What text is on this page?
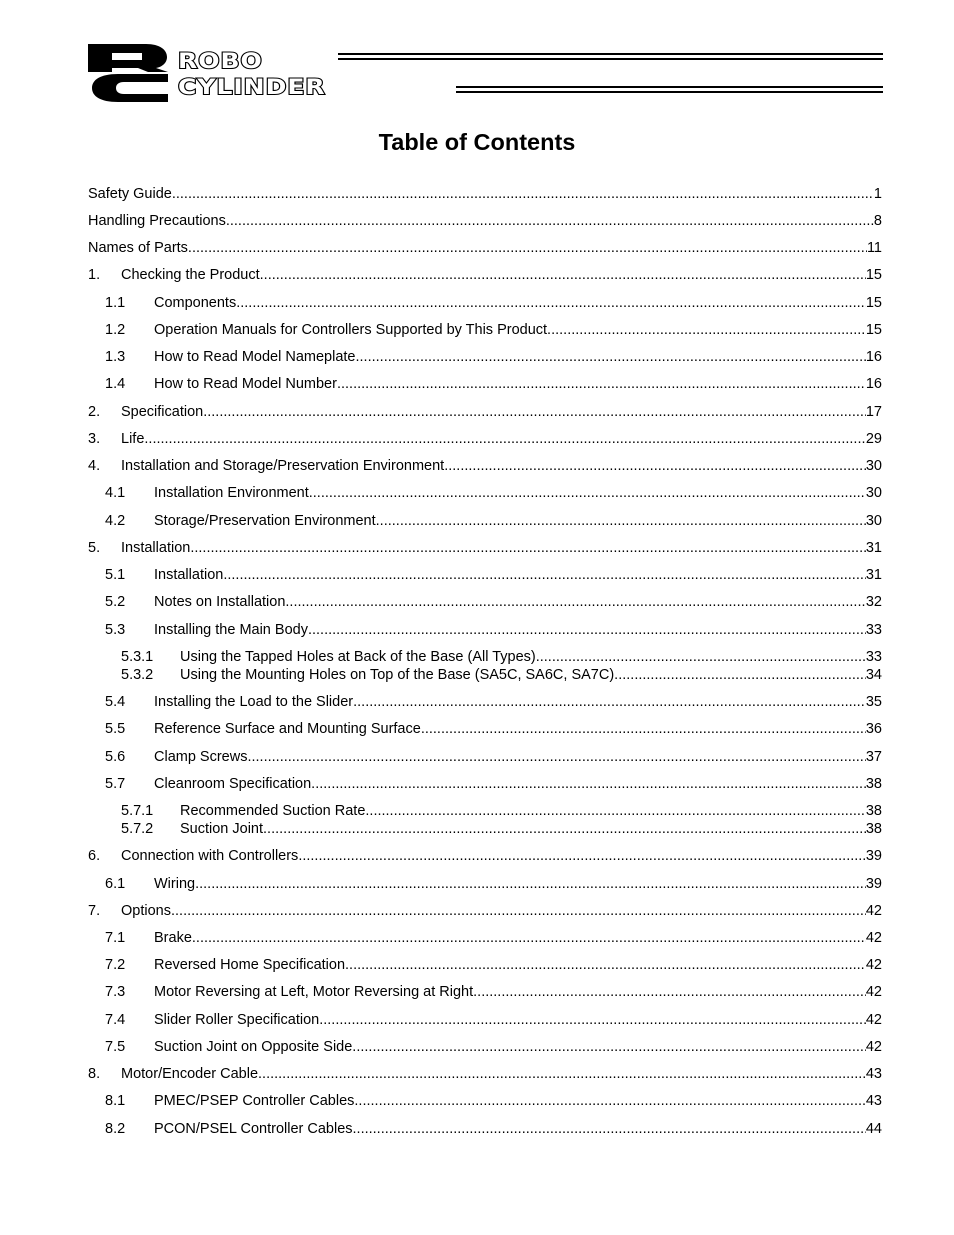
ROBO
CYLINDER
Table of Contents
Safety Guide .....	1
Handling Precautions .....	8
Names of Parts .....	11
1. Checking the Product .....	15
1.1 Components .....	15
1.2 Operation Manuals for Controllers Supported by This Product .....	15
1.3 How to Read Model Nameplate .....	16
1.4 How to Read Model Number .....	16
2. Specification .....	17
3. Life .....	29
4. Installation and Storage/Preservation Environment .....	30
4.1 Installation Environment .....	30
4.2 Storage/Preservation Environment .....	30
5. Installation .....	31
5.1 Installation .....	31
5.2 Notes on Installation .....	32
5.3 Installing the Main Body .....	33
5.3.1 Using the Tapped Holes at Back of the Base (All Types) .....	33
5.3.2 Using the Mounting Holes on Top of the Base (SA5C, SA6C, SA7C) .....	34
5.4 Installing the Load to the Slider .....	35
5.5 Reference Surface and Mounting Surface .....	36
5.6 Clamp Screws .....	37
5.7 Cleanroom Specification .....	38
5.7.1 Recommended Suction Rate .....	38
5.7.2 Suction Joint .....	38
6. Connection with Controllers .....	39
6.1 Wiring .....	39
7. Options .....	42
7.1 Brake .....	42
7.2 Reversed Home Specification .....	42
7.3 Motor Reversing at Left, Motor Reversing at Right .....	42
7.4 Slider Roller Specification .....	42
7.5 Suction Joint on Opposite Side .....	42
8. Motor/Encoder Cable .....	43
8.1 PMEC/PSEP Controller Cables .....	43
8.2 PCON/PSEL Controller Cables .....	44
